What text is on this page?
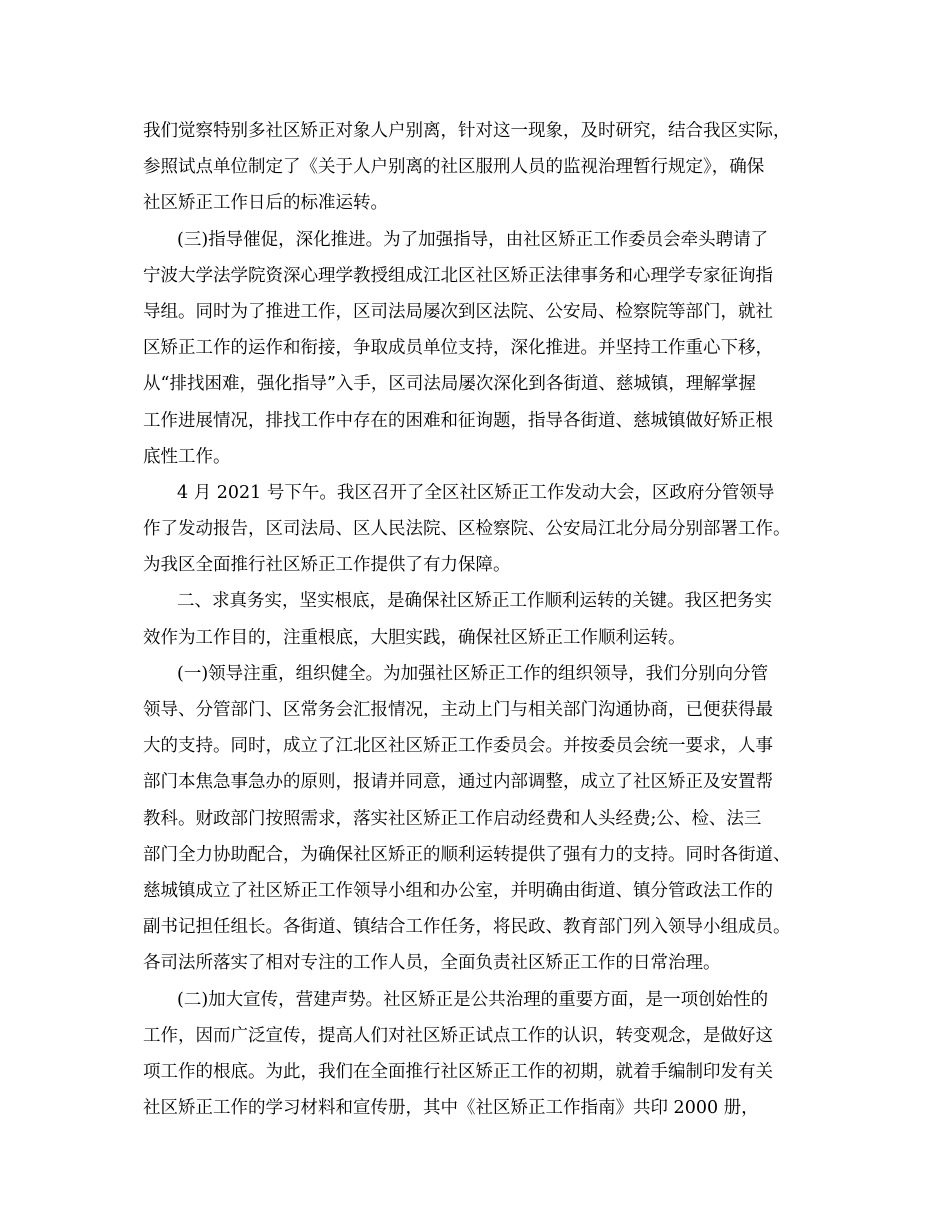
我们觉察特别多社区矫正对象人户别离，针对这一现象，及时研究，结合我区实际，
参照试点单位制定了《关于人户别离的社区服刑人员的监视治理暂行规定》，确保
社区矫正工作日后的标准运转。
(三)指导催促，深化推进。为了加强指导，由社区矫正工作委员会牵头聘请了
宁波大学法学院资深心理学教授组成江北区社区矫正法律事务和心理学专家征询指
导组。同时为了推进工作，区司法局屡次到区法院、公安局、检察院等部门，就社
区矫正工作的运作和衔接，争取成员单位支持，深化推进。并坚持工作重心下移，
从“排找困难，强化指导”入手，区司法局屡次深化到各街道、慈城镇，理解掌握
工作进展情况，排找工作中存在的困难和征询题，指导各街道、慈城镇做好矫正根
底性工作。
4 月 2021 号下午。我区召开了全区社区矫正工作发动大会，区政府分管领导
作了发动报告，区司法局、区人民法院、区检察院、公安局江北分局分别部署工作。
为我区全面推行社区矫正工作提供了有力保障。
二、求真务实，坚实根底，是确保社区矫正工作顺利运转的关键。我区把务实
效作为工作目的，注重根底，大胆实践，确保社区矫正工作顺利运转。
(一)领导注重，组织健全。为加强社区矫正工作的组织领导，我们分别向分管
领导、分管部门、区常务会汇报情况，主动上门与相关部门沟通协商，已便获得最
大的支持。同时，成立了江北区社区矫正工作委员会。并按委员会统一要求，人事
部门本焦急事急办的原则，报请并同意，通过内部调整，成立了社区矫正及安置帮
教科。财政部门按照需求，落实社区矫正工作启动经费和人头经费;公、检、法三
部门全力协助配合，为确保社区矫正的顺利运转提供了强有力的支持。同时各街道、
慈城镇成立了社区矫正工作领导小组和办公室，并明确由街道、镇分管政法工作的
副书记担任组长。各街道、镇结合工作任务，将民政、教育部门列入领导小组成员。
各司法所落实了相对专注的工作人员，全面负责社区矫正工作的日常治理。
(二)加大宣传，营建声势。社区矫正是公共治理的重要方面，是一项创始性的
工作，因而广泛宣传，提高人们对社区矫正试点工作的认识，转变观念，是做好这
项工作的根底。为此，我们在全面推行社区矫正工作的初期，就着手编制印发有关
社区矫正工作的学习材料和宣传册，其中《社区矫正工作指南》共印 2000 册，
